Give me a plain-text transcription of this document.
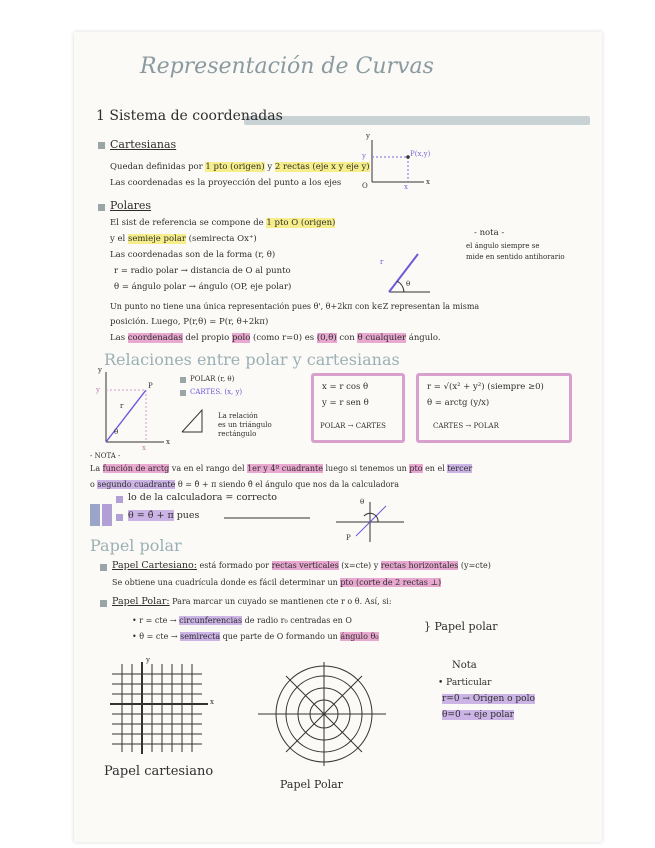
Representación de Curvas
1 Sistema de coordenadas
Cartesianas
Quedan definidas por 1 pto (origen) y 2 rectas (eje x y eje y)
Las coordenadas es la proyección del punto a los ejes
P(x,y)
y
x
y
x
O
Polares
El sist de referencia se compone de 1 pto O (origen)
y el semieje polar (semirecta Ox⁺)
Las coordenadas son de la forma (r, θ)
r = radio polar → distancia de O al punto
θ = ángulo polar → ángulo (OP, eje polar)
Un punto no tiene una única representación pues θ', θ+2kπ con k∈Z representan la misma
posición. Luego, P(r,θ) = P(r, θ+2kπ)
Las coordenadas del propio polo (como r=0) es (0,θ) con θ cualquier ángulo.
- nota -
el ángulo siempre se
mide en sentido antihorario
r
θ
Relaciones entre polar y cartesianas
POLAR (r, θ)
CARTES. (x, y)
y
x
P
r
θ
y
x
La relación
es un triángulo
rectángulo
x = r cos θ
y = r sen θ
POLAR → CARTES
r = √(x² + y²) (siempre ≥0)
θ = arctg (y/x)
CARTES → POLAR
- NOTA -
La función de arctg va en el rango del 1er y 4º cuadrante luego si tenemos un pto en el tercer
o segundo cuadrante θ = θ̂ + π siendo θ̂ el ángulo que nos da la calculadora
lo de la calculadora = correcto
θ = θ̂ + π pues
θ
P
Papel polar
Papel Cartesiano: está formado por rectas verticales (x=cte) y rectas horizontales (y=cte)
Se obtiene una cuadrícula donde es fácil determinar un pto (corte de 2 rectas ⊥)
Papel Polar: Para marcar un cuyado se mantienen cte r o θ. Así, si:
• r = cte → circunferencias de radio r₀ centradas en O
• θ = cte → semirecta que parte de O formando un ángulo θ₀
} Papel polar
Nota
• Particular
r=0 → Origen o polo
θ=0 → eje polar
y
x
Papel cartesiano
Papel Polar
